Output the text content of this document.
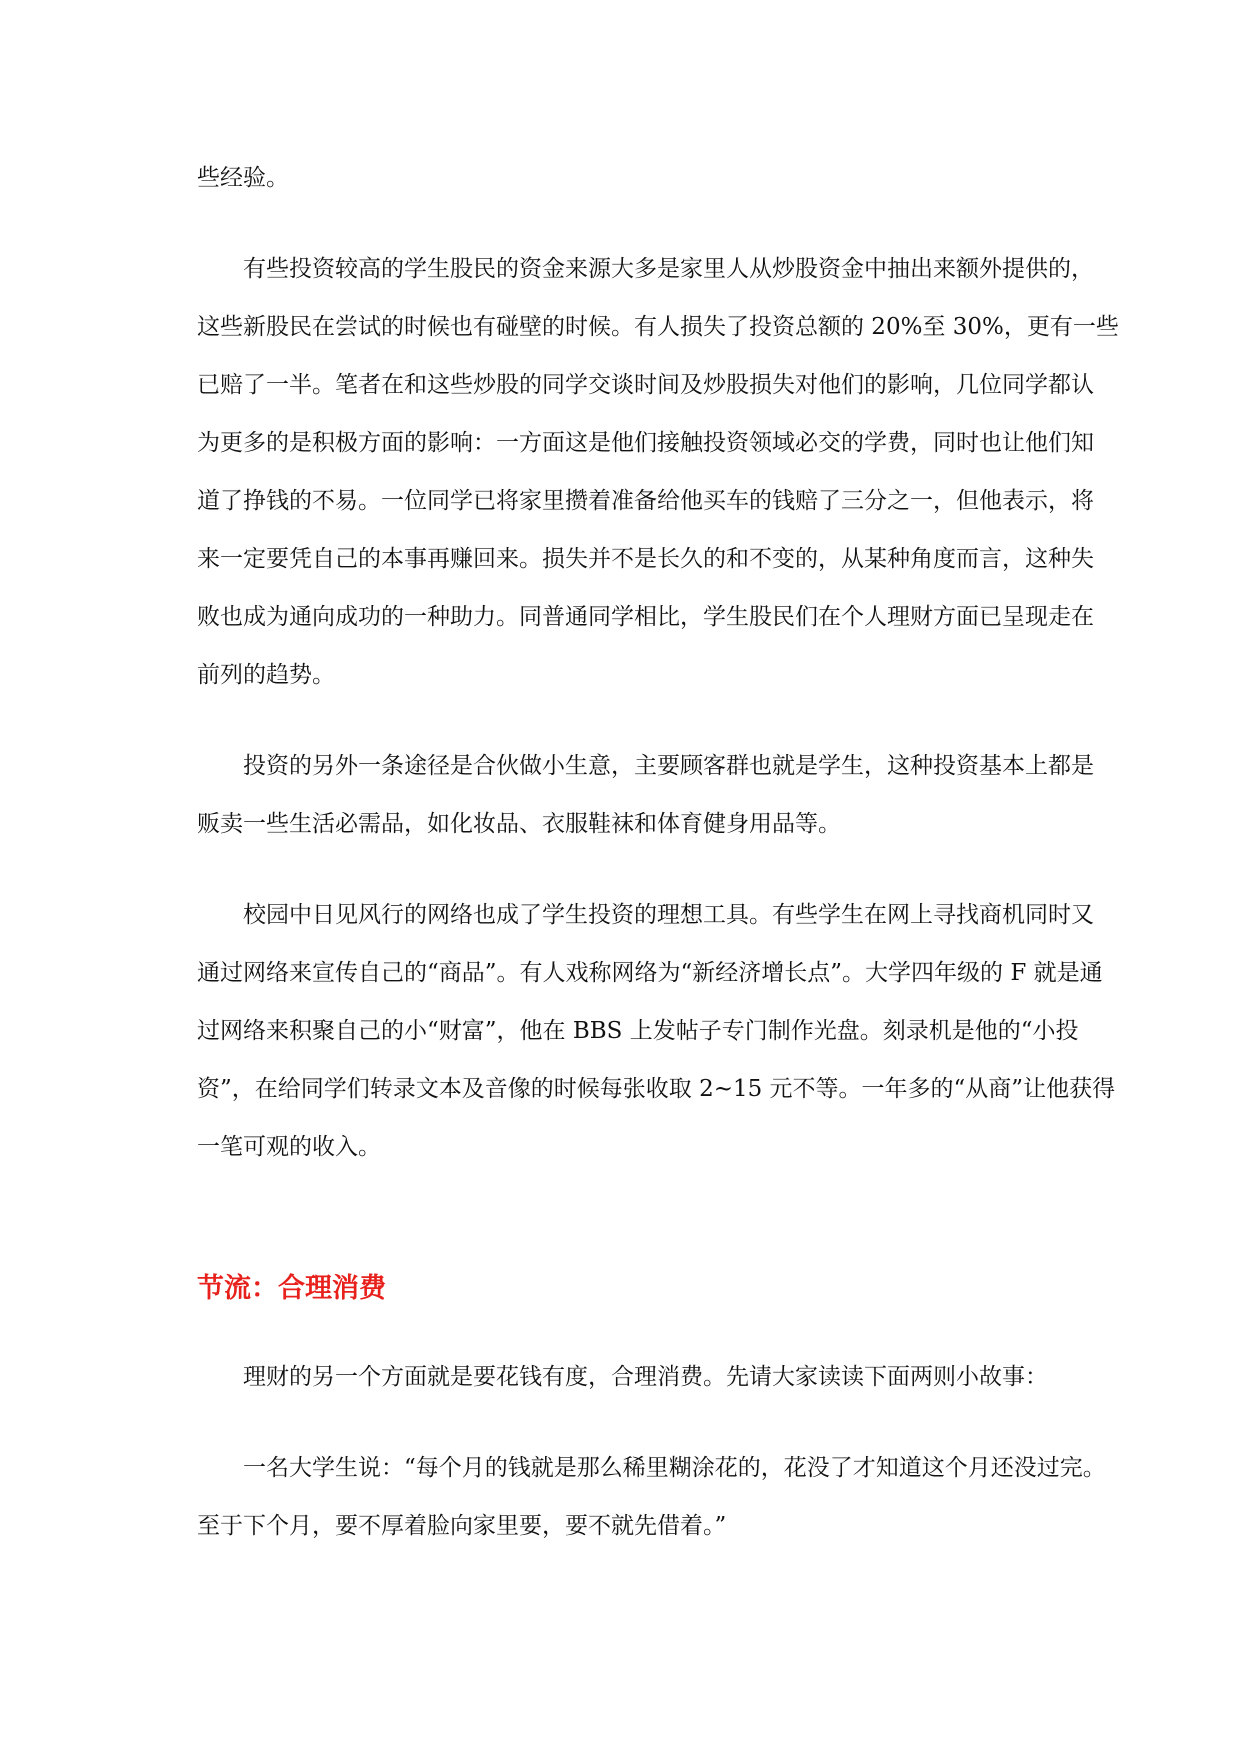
些经验。

有些投资较高的学生股民的资金来源大多是家里人从炒股资金中抽出来额外提供的，

这些新股民在尝试的时候也有碰壁的时候。有人损失了投资总额的 20%至 30%，更有一些

已赔了一半。笔者在和这些炒股的同学交谈时间及炒股损失对他们的影响，几位同学都认

为更多的是积极方面的影响：一方面这是他们接触投资领域必交的学费，同时也让他们知

道了挣钱的不易。一位同学已将家里攒着准备给他买车的钱赔了三分之一，但他表示，将

来一定要凭自己的本事再赚回来。损失并不是长久的和不变的，从某种角度而言，这种失

败也成为通向成功的一种助力。同普通同学相比，学生股民们在个人理财方面已呈现走在

前列的趋势。

投资的另外一条途径是合伙做小生意，主要顾客群也就是学生，这种投资基本上都是

贩卖一些生活必需品，如化妆品、衣服鞋袜和体育健身用品等。

校园中日见风行的网络也成了学生投资的理想工具。有些学生在网上寻找商机同时又

通过网络来宣传自己的“商品”。有人戏称网络为“新经济增长点”。大学四年级的 F 就是通

过网络来积聚自己的小“财富”，他在 BBS 上发帖子专门制作光盘。刻录机是他的“小投

资”，在给同学们转录文本及音像的时候每张收取 2~15 元不等。一年多的“从商”让他获得

一笔可观的收入。

节流：合理消费

理财的另一个方面就是要花钱有度，合理消费。先请大家读读下面两则小故事：

一名大学生说：“每个月的钱就是那么稀里糊涂花的，花没了才知道这个月还没过完。

至于下个月，要不厚着脸向家里要，要不就先借着。”
